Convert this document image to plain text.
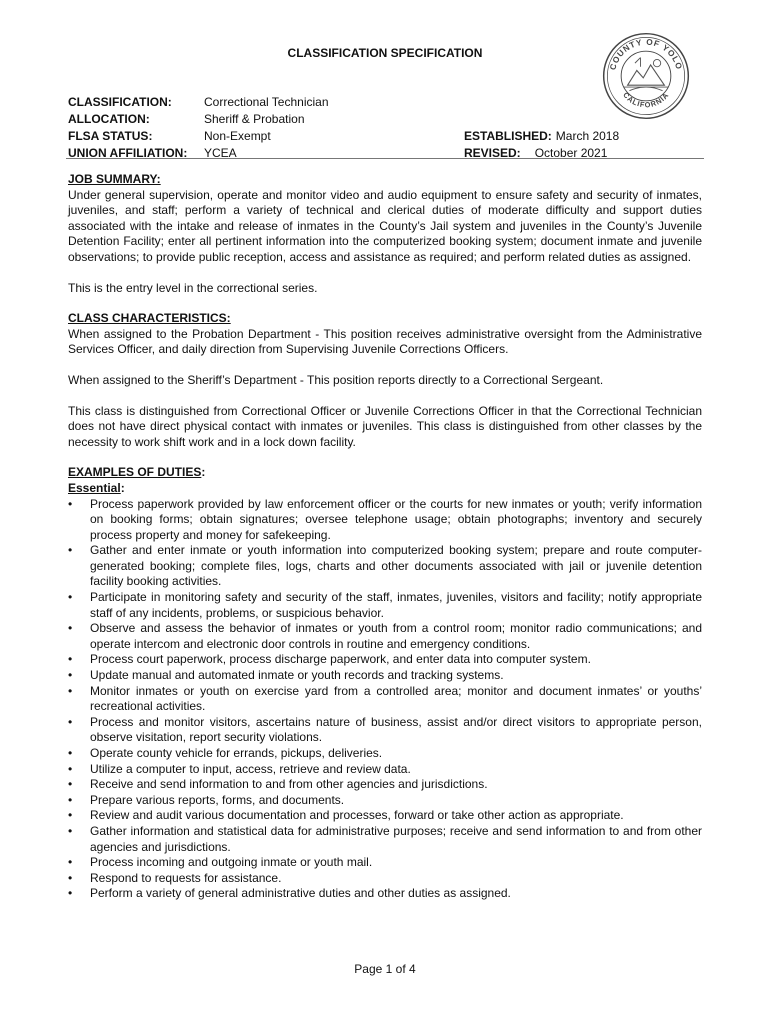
CLASSIFICATION SPECIFICATION
COUNTY OF YOLO
CALIFORNIA
CLASSIFICATION:	Correctional Technician
ALLOCATION:	Sheriff & Probation
FLSA STATUS:	Non-Exempt
UNION AFFILIATION:	YCEA
ESTABLISHED: March 2018
REVISED: October 2021
JOB SUMMARY:

Under general supervision, operate and monitor video and audio equipment to ensure safety and security of inmates, juveniles, and staff; perform a variety of technical and clerical duties of moderate difficulty and support duties associated with the intake and release of inmates in the County’s Jail system and juveniles in the County’s Juvenile Detention Facility; enter all pertinent information into the computerized booking system; document inmate and juvenile observations; to provide public reception, access and assistance as required; and perform related duties as assigned.

This is the entry level in the correctional series.

CLASS CHARACTERISTICS:

When assigned to the Probation Department - This position receives administrative oversight from the Administrative Services Officer, and daily direction from Supervising Juvenile Corrections Officers.

When assigned to the Sheriff’s Department - This position reports directly to a Correctional Sergeant.

This class is distinguished from Correctional Officer or Juvenile Corrections Officer in that the Correctional Technician does not have direct physical contact with inmates or juveniles. This class is distinguished from other classes by the necessity to work shift work and in a lock down facility.

EXAMPLES OF DUTIES:
Essential:
• Process paperwork provided by law enforcement officer or the courts for new inmates or youth; verify information on booking forms; obtain signatures; oversee telephone usage; obtain photographs; inventory and securely process property and money for safekeeping.
• Gather and enter inmate or youth information into computerized booking system; prepare and route computer-generated booking; complete files, logs, charts and other documents associated with jail or juvenile detention facility booking activities.
• Participate in monitoring safety and security of the staff, inmates, juveniles, visitors and facility; notify appropriate staff of any incidents, problems, or suspicious behavior.
• Observe and assess the behavior of inmates or youth from a control room; monitor radio communications; and operate intercom and electronic door controls in routine and emergency conditions.
• Process court paperwork, process discharge paperwork, and enter data into computer system.
• Update manual and automated inmate or youth records and tracking systems.
• Monitor inmates or youth on exercise yard from a controlled area; monitor and document inmates’ or youths’ recreational activities.
• Process and monitor visitors, ascertains nature of business, assist and/or direct visitors to appropriate person, observe visitation, report security violations.
• Operate county vehicle for errands, pickups, deliveries.
• Utilize a computer to input, access, retrieve and review data.
• Receive and send information to and from other agencies and jurisdictions.
• Prepare various reports, forms, and documents.
• Review and audit various documentation and processes, forward or take other action as appropriate.
• Gather information and statistical data for administrative purposes; receive and send information to and from other agencies and jurisdictions.
• Process incoming and outgoing inmate or youth mail.
• Respond to requests for assistance.
• Perform a variety of general administrative duties and other duties as assigned.
Page 1 of 4
